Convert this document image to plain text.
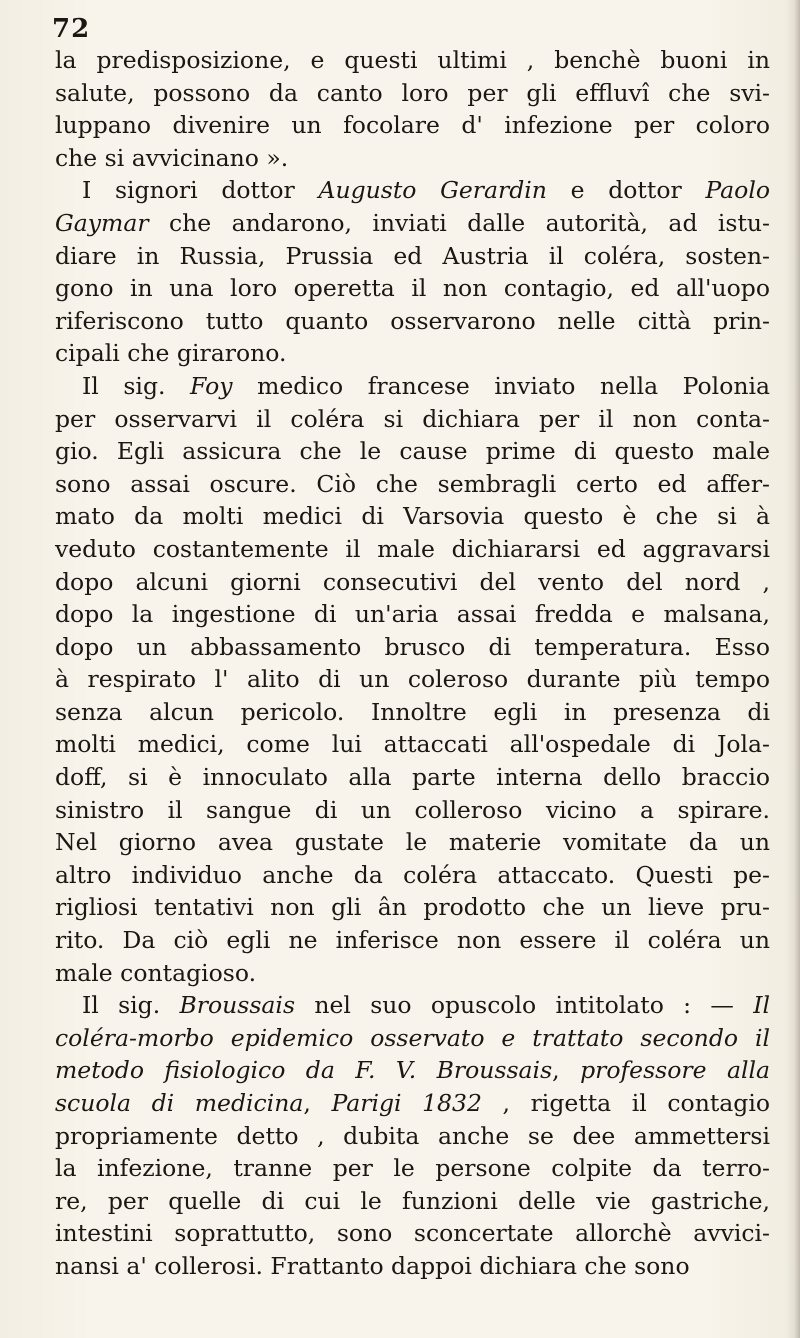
72
la predisposizione, e questi ultimi , benchè buoni in
salute, possono da canto loro per gli effluvî che svi-
luppano divenire un focolare d' infezione per coloro
che si avvicinano ».
I signori dottor Augusto Gerardin e dottor Paolo
Gaymar che andarono, inviati dalle autorità, ad istu-
diare in Russia, Prussia ed Austria il coléra, sosten-
gono in una loro operetta il non contagio, ed all'uopo
riferiscono tutto quanto osservarono nelle città prin-
cipali che girarono.
Il sig. Foy medico francese inviato nella Polonia
per osservarvi il coléra si dichiara per il non conta-
gio. Egli assicura che le cause prime di questo male
sono assai oscure. Ciò che sembragli certo ed affer-
mato da molti medici di Varsovia questo è che si à
veduto costantemente il male dichiararsi ed aggravarsi
dopo alcuni giorni consecutivi del vento del nord ,
dopo la ingestione di un'aria assai fredda e malsana,
dopo un abbassamento brusco di temperatura. Esso
à respirato l' alito di un coleroso durante più tempo
senza alcun pericolo. Innoltre egli in presenza di
molti medici, come lui attaccati all'ospedale di Jola-
doff, si è innoculato alla parte interna dello braccio
sinistro il sangue di un colleroso vicino a spirare.
Nel giorno avea gustate le materie vomitate da un
altro individuo anche da coléra attaccato. Questi pe-
rigliosi tentativi non gli ân prodotto che un lieve pru-
rito. Da ciò egli ne inferisce non essere il coléra un
male contagioso.
Il sig. Broussais nel suo opuscolo intitolato : — Il
coléra-morbo epidemico osservato e trattato secondo il
metodo fisiologico da F. V. Broussais, professore alla
scuola di medicina, Parigi 1832 , rigetta il contagio
propriamente detto , dubita anche se dee ammettersi
la infezione, tranne per le persone colpite da terro-
re, per quelle di cui le funzioni delle vie gastriche,
intestini soprattutto, sono sconcertate allorchè avvici-
nansi a' collerosi. Frattanto dappoi dichiara che sono
